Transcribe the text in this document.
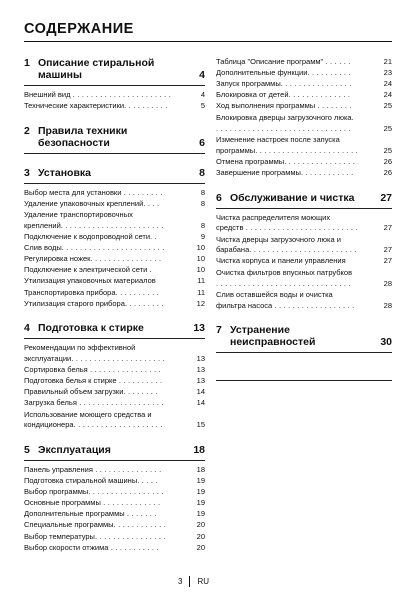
СОДЕРЖАНИЕ
1 Описание стиральной
машины	4
Внешний вид . . . . . . . . . . . . . . . . . . . . . .	4
Технические характеристики. . . . . . . . . .	5
2 Правила техники
безопасности	6
3 Установка	8
Выбор места для установки . . . . . . . . .	8
Удаление упаковочных креплений. . . .	8
Удаление транспортировочных
креплений. . . . . . . . . . . . . . . . . . . . . . .	8
Подключение к водопроводной сети. .	9
Слив воды. . . . . . . . . . . . . . . . . . . . . . .	10
Регулировка ножек. . . . . . . . . . . . . . . .	10
Подключение к электрической сети .	10
Утилизация упаковочных материалов	11
Транспортировка прибора. . . . . . . . . .	11
Утилизация старого прибора. . . . . . . . .	12
4 Подготовка к стирке	13
Рекомендации по эффективной
эксплуатации. . . . . . . . . . . . . . . . . . . . .	13
Сортировка белья . . . . . . . . . . . . . . . .	13
Подготовка белья к стирке . . . . . . . . . .	13
Правильный объем загрузки. . . . . . . .	14
Загрузка белья . . . . . . . . . . . . . . . . . . .	14
Использование моющего средства и
кондиционера. . . . . . . . . . . . . . . . . . . .	15
5 Эксплуатация	18
Панель управления . . . . . . . . . . . . . . .	18
Подготовка стиральной машины. . . . .	19
Выбор программы. . . . . . . . . . . . . . . . .	19
Основные программы . . . . . . . . . . . . .	19
Дополнительные программы . . . . . . .	19
Специальные программы. . . . . . . . . . . .	20
Выбор температуры. . . . . . . . . . . . . . . .	20
Выбор скорости отжима . . . . . . . . . . .	20
Таблица "Описание программ" . . . . . .	21
Дополнительные функции. . . . . . . . . .	23
Запуск программы. . . . . . . . . . . . . . . .	24
Блокировка от детей. . . . . . . . . . . . . .	24
Ход выполнения программы . . . . . . . .	25
Блокировка дверцы загрузочного люка.
. . . . . . . . . . . . . . . . . . . . . . . . . . . . . .	25
Изменение настроек после запуска
программы. . . . . . . . . . . . . . . . . . . . . . .	25
Отмена программы. . . . . . . . . . . . . . . .	26
Завершение программы. . . . . . . . . . . .	26
6 Обслуживание и чистка 27
Чистка распределителя моющих
средств . . . . . . . . . . . . . . . . . . . . . . . . .	27
Чистка дверцы загрузочного люка и
барабана. . . . . . . . . . . . . . . . . . . . . . . .	27
Чистка корпуса и панели управления	27
Очистка фильтров впускных патрубков
. . . . . . . . . . . . . . . . . . . . . . . . . . . . . .	28
Слив оставшейся воды и очистка
фильтра насоса . . . . . . . . . . . . . . . . . .	28
7 Устранение
неисправностей	30
3 RU
